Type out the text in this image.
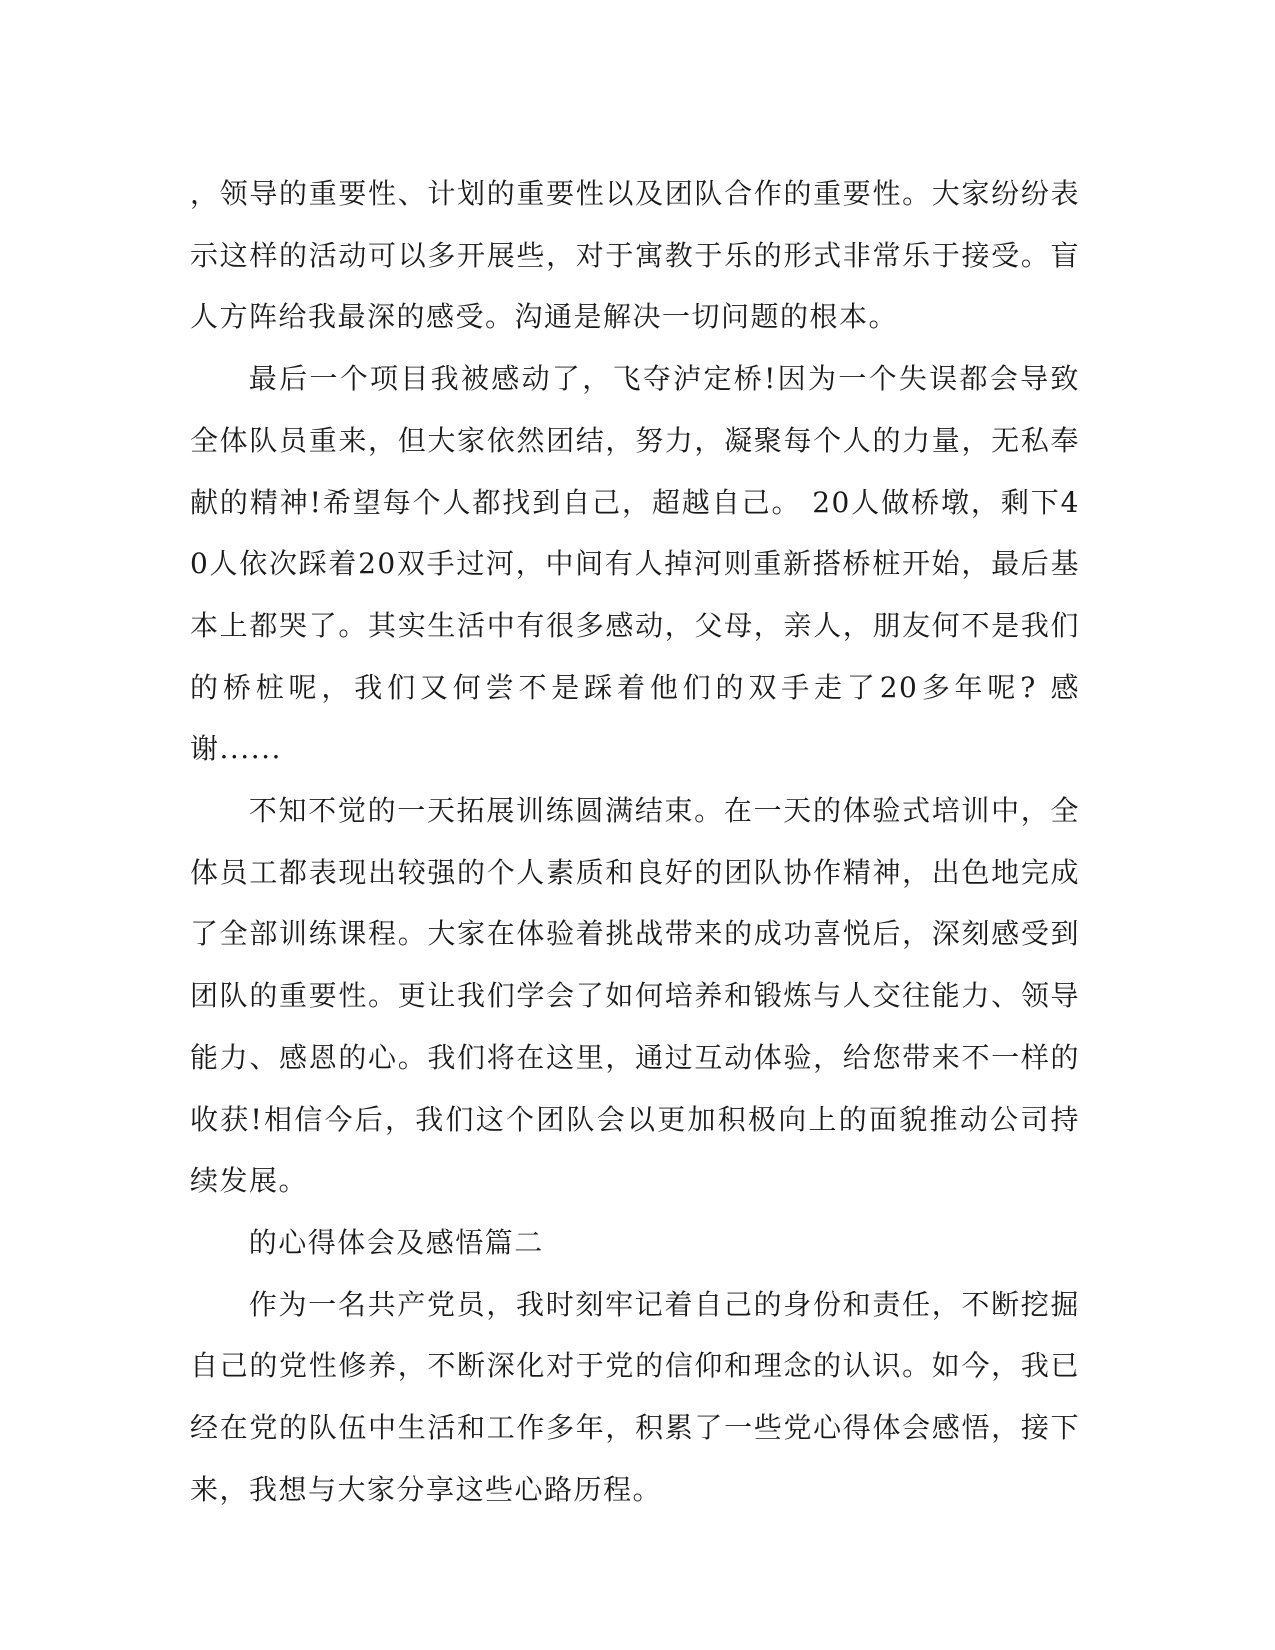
，领导的重要性、计划的重要性以及团队合作的重要性。大家纷纷表示这样的活动可以多开展些，对于寓教于乐的形式非常乐于接受。盲人方阵给我最深的感受。沟通是解决一切问题的根本。

最后一个项目我被感动了，飞夺泸定桥!因为一个失误都会导致全体队员重来，但大家依然团结，努力，凝聚每个人的力量，无私奉献的精神!希望每个人都找到自己，超越自己。 20人做桥墩，剩下40人依次踩着20双手过河，中间有人掉河则重新搭桥桩开始，最后基本上都哭了。其实生活中有很多感动，父母，亲人，朋友何不是我们的桥桩呢，我们又何尝不是踩着他们的双手走了20多年呢? 感谢......

不知不觉的一天拓展训练圆满结束。在一天的体验式培训中，全体员工都表现出较强的个人素质和良好的团队协作精神，出色地完成了全部训练课程。大家在体验着挑战带来的成功喜悦后，深刻感受到团队的重要性。更让我们学会了如何培养和锻炼与人交往能力、领导能力、感恩的心。我们将在这里，通过互动体验，给您带来不一样的收获!相信今后，我们这个团队会以更加积极向上的面貌推动公司持续发展。

的心得体会及感悟篇二

作为一名共产党员，我时刻牢记着自己的身份和责任，不断挖掘自己的党性修养，不断深化对于党的信仰和理念的认识。如今，我已经在党的队伍中生活和工作多年，积累了一些党心得体会感悟，接下来，我想与大家分享这些心路历程。
